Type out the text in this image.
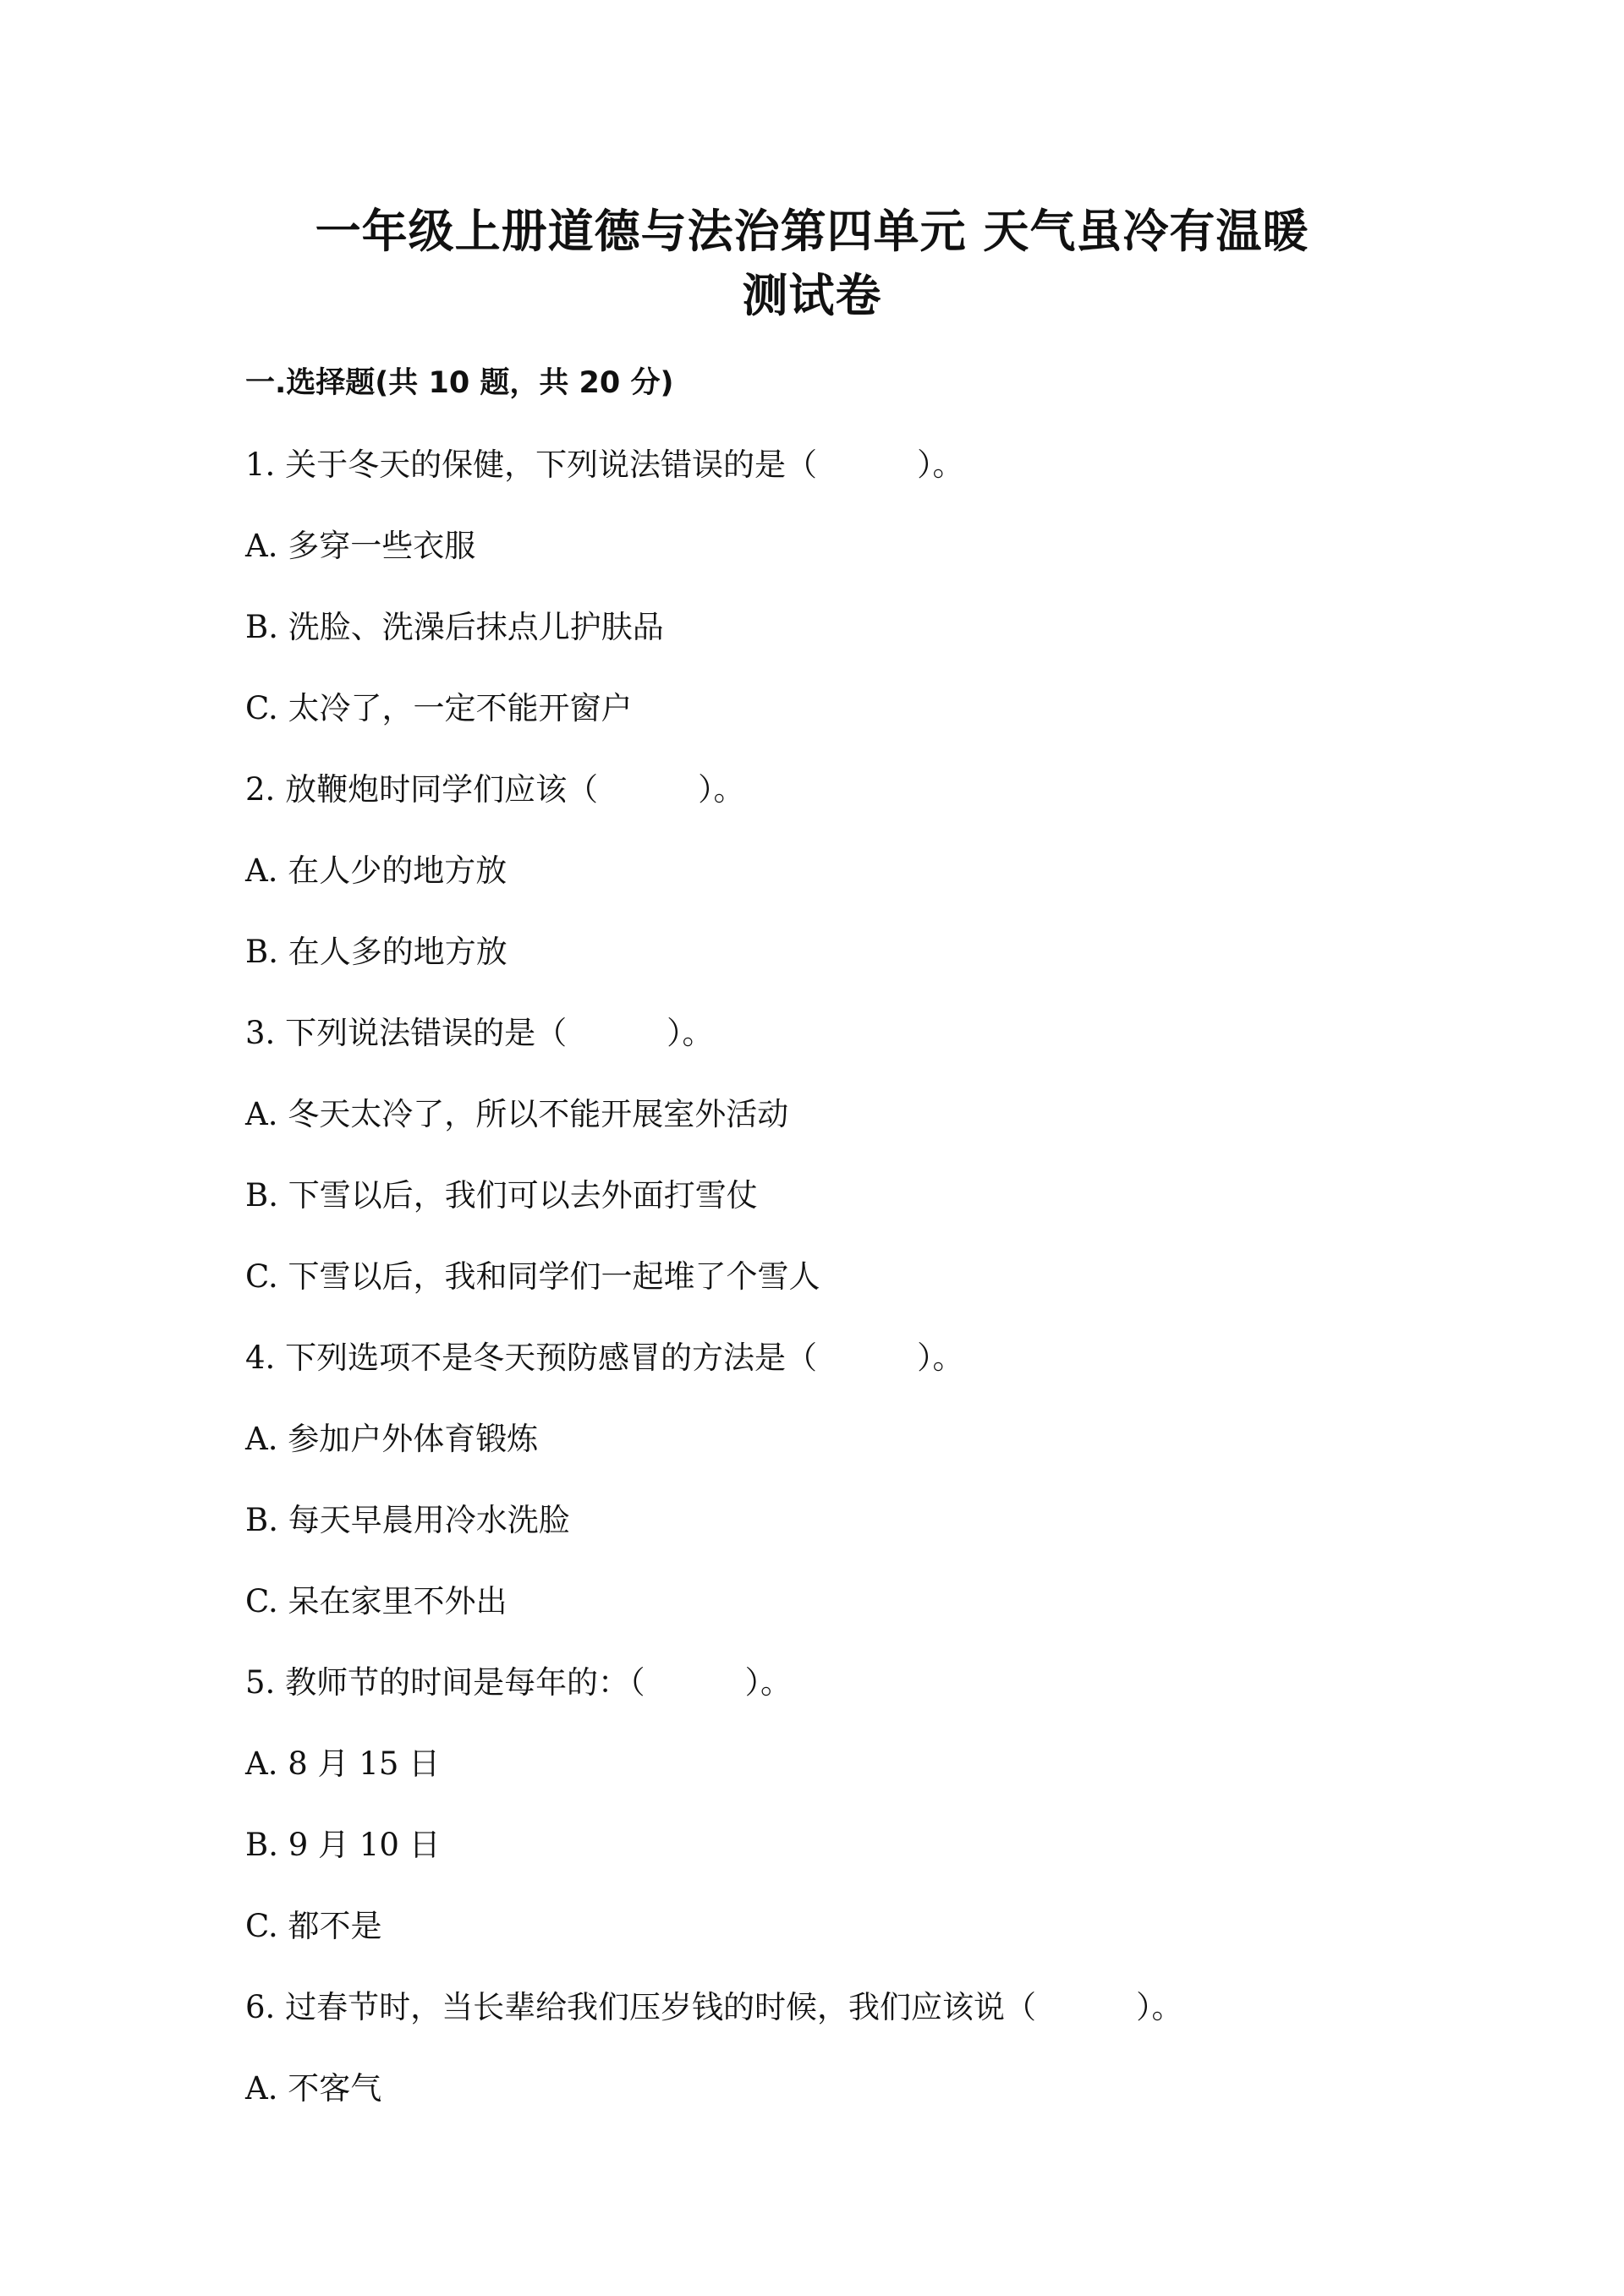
一年级上册道德与法治第四单元 天气虽冷有温暖
测试卷
一.选择题(共 10 题，共 20 分)
1. 关于冬天的保健，下列说法错误的是（	）。
A. 多穿一些衣服
B. 洗脸、洗澡后抹点儿护肤品
C. 太冷了，一定不能开窗户
2. 放鞭炮时同学们应该（	）。
A. 在人少的地方放
B. 在人多的地方放
3. 下列说法错误的是（	）。
A. 冬天太冷了，所以不能开展室外活动
B. 下雪以后，我们可以去外面打雪仗
C. 下雪以后，我和同学们一起堆了个雪人
4. 下列选项不是冬天预防感冒的方法是（	）。
A. 参加户外体育锻炼
B. 每天早晨用冷水洗脸
C. 呆在家里不外出
5. 教师节的时间是每年的：（	）。
A. 8 月 15 日
B. 9 月 10 日
C. 都不是
6. 过春节时，当长辈给我们压岁钱的时候，我们应该说（	）。
A. 不客气
